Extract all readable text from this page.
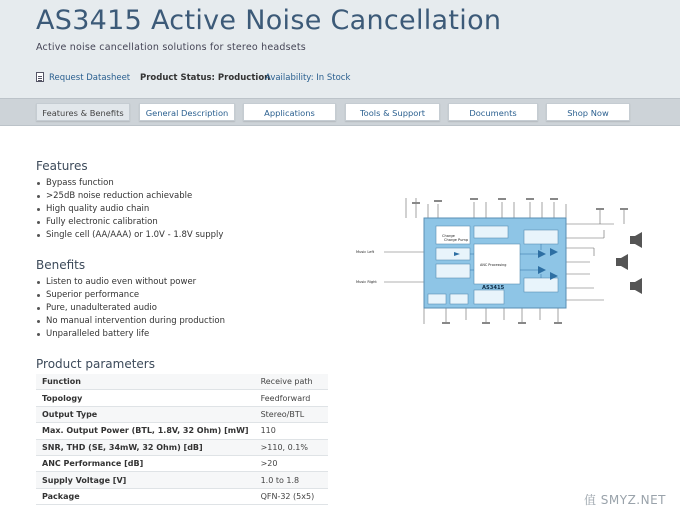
AS3415 Active Noise Cancellation
Active noise cancellation solutions for stereo headsets
Request Datasheet Product Status: Production
Availability: In Stock
Features & Benefits	General Description	Applications	Tools & Support	Documents	Shop Now
Features
Bypass function
>25dB noise reduction achievable
High quality audio chain
Fully electronic calibration
Single cell (AA/AAA) or 1.0V - 1.8V supply
Benefits
Listen to audio even without power
Superior performance
Pure, unadulterated audio
No manual intervention during production
Unparalleled battery life
Product parameters
Function	Receive path
Topology	Feedforward
Output Type	Stereo/BTL
Max. Output Power (BTL, 1.8V, 32 Ohm) [mW]	110
SNR, THD (SE, 34mW, 32 Ohm) [dB]	>110, 0.1%
ANC Performance [dB]	>20
Supply Voltage [V]	1.0 to 1.8
Package	QFN-32 (5x5)
Charge
Charge Pump
ANC Processing
AS3415
Music Left
Music Right
值 SMYZ.NET
